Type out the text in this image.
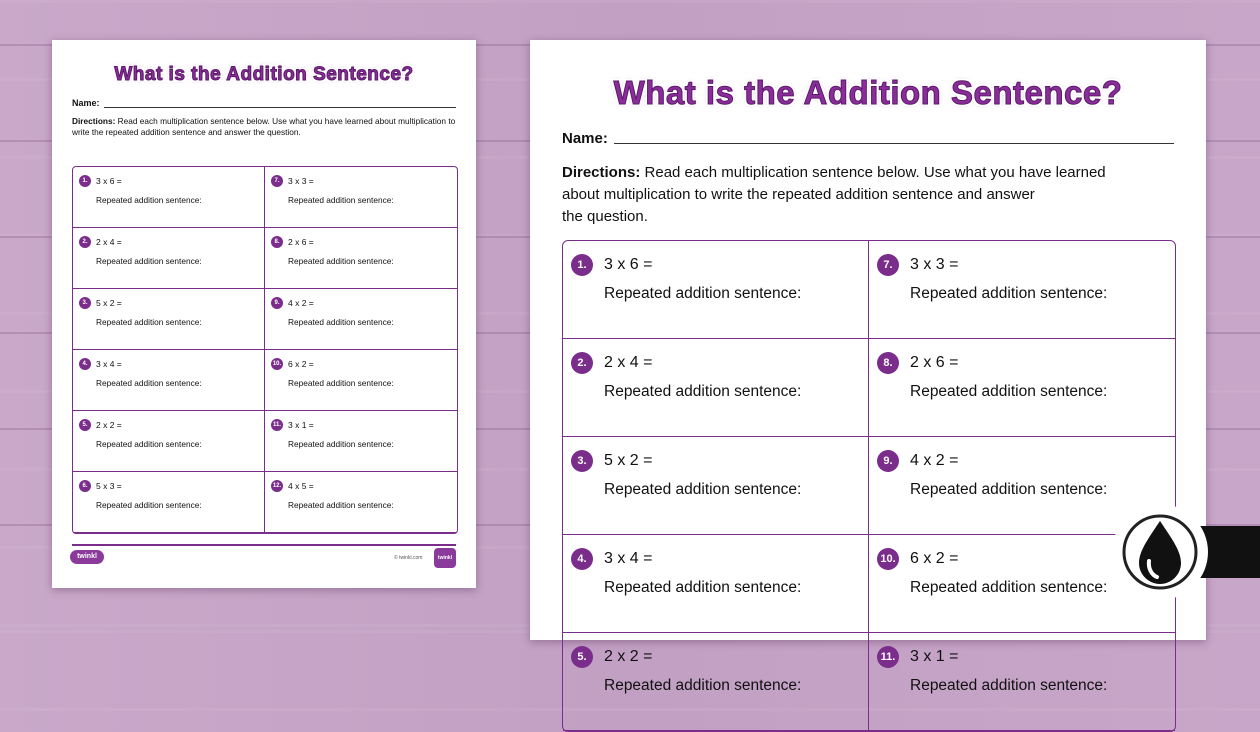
What is the Addition Sentence?
Name:
Directions: Read each multiplication sentence below. Use what you have learned about multiplication to write the repeated addition sentence and answer the question.
1.	3 x 6 =
Repeated addition sentence:
7.	3 x 3 =
Repeated addition sentence:
2.	2 x 4 =
Repeated addition sentence:
8.	2 x 6 =
Repeated addition sentence:
3.	5 x 2 =
Repeated addition sentence:
9.	4 x 2 =
Repeated addition sentence:
4.	3 x 4 =
Repeated addition sentence:
10. 6 x 2 =
Repeated addition sentence:
5.	2 x 2 =
Repeated addition sentence:
11. 3 x 1 =
Repeated addition sentence:
6.	5 x 3 =
Repeated addition sentence:
12. 4 x 5 =
Repeated addition sentence:
twinkl	© twinkl.com	twinkl
What is the Addition Sentence?
Name:
Directions: Read each multiplication sentence below. Use what you have learned
about multiplication to write the repeated addition sentence and answer
the question.
1.	3 x 6 =
Repeated addition sentence:
7.	3 x 3 =
Repeated addition sentence:
2.	2 x 4 =
Repeated addition sentence:
8.	2 x 6 =
Repeated addition sentence:
3.	5 x 2 =
Repeated addition sentence:
9.	4 x 2 =
Repeated addition sentence:
4.	3 x 4 =
Repeated addition sentence:
10. 6 x 2 =
Repeated addition sentence:
5.	2 x 2 =
Repeated addition sentence:
11. 3 x 1 =
Repeated addition sentence:
